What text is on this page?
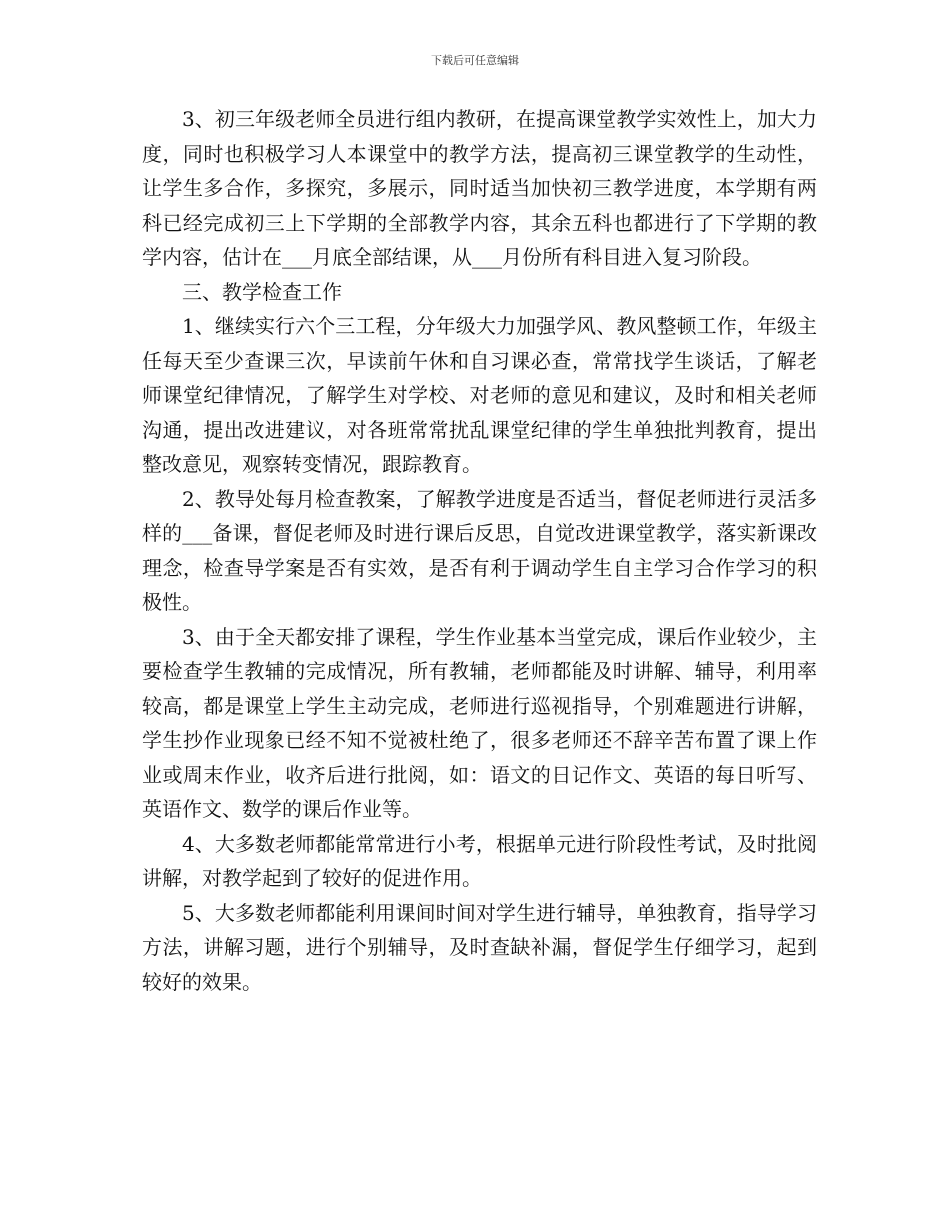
下载后可任意编辑

3、初三年级老师全员进行组内教研，在提高课堂教学实效性上，加大力度，同时也积极学习人本课堂中的教学方法，提高初三课堂教学的生动性，让学生多合作，多探究，多展示，同时适当加快初三教学进度，本学期有两科已经完成初三上下学期的全部教学内容，其余五科也都进行了下学期的教学内容，估计在___月底全部结课，从___月份所有科目进入复习阶段。

三、教学检查工作

1、继续实行六个三工程，分年级大力加强学风、教风整顿工作，年级主任每天至少查课三次，早读前午休和自习课必查，常常找学生谈话，了解老师课堂纪律情况，了解学生对学校、对老师的意见和建议，及时和相关老师沟通，提出改进建议，对各班常常扰乱课堂纪律的学生单独批判教育，提出整改意见，观察转变情况，跟踪教育。

2、教导处每月检查教案，了解教学进度是否适当，督促老师进行灵活多样的___备课，督促老师及时进行课后反思，自觉改进课堂教学，落实新课改理念，检查导学案是否有实效，是否有利于调动学生自主学习合作学习的积极性。

3、由于全天都安排了课程，学生作业基本当堂完成，课后作业较少，主要检查学生教辅的完成情况，所有教辅，老师都能及时讲解、辅导，利用率较高，都是课堂上学生主动完成，老师进行巡视指导，个别难题进行讲解，学生抄作业现象已经不知不觉被杜绝了，很多老师还不辞辛苦布置了课上作业或周末作业，收齐后进行批阅，如：语文的日记作文、英语的每日听写、英语作文、数学的课后作业等。

4、大多数老师都能常常进行小考，根据单元进行阶段性考试，及时批阅讲解，对教学起到了较好的促进作用。

5、大多数老师都能利用课间时间对学生进行辅导，单独教育，指导学习方法，讲解习题，进行个别辅导，及时查缺补漏，督促学生仔细学习，起到较好的效果。
